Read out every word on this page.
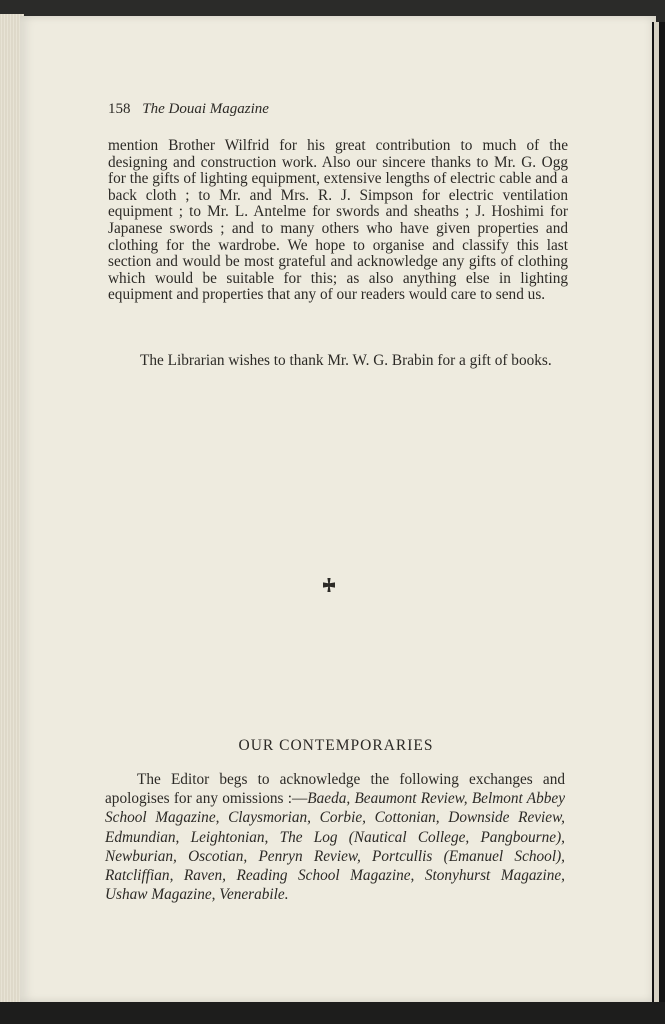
158 The Douai Magazine

mention Brother Wilfrid for his great contribution to much of the designing and construction work. Also our sincere thanks to Mr. G. Ogg for the gifts of lighting equipment, extensive lengths of electric cable and a back cloth ; to Mr. and Mrs. R. J. Simpson for electric ventilation equipment ; to Mr. L. Antelme for swords and sheaths ; J. Hoshimi for Japanese swords ; and to many others who have given properties and clothing for the wardrobe. We hope to organise and classify this last section and would be most grateful and acknowledge any gifts of clothing which would be suitable for this; as also anything else in lighting equipment and properties that any of our readers would care to send us.

The Librarian wishes to thank Mr. W. G. Brabin for a gift of books.

OUR CONTEMPORARIES

The Editor begs to acknowledge the following exchanges and apologises for any omissions :—Baeda, Beaumont Review, Belmont Abbey School Magazine, Claysmorian, Corbie, Cottonian, Downside Review, Edmundian, Leightonian, The Log (Nautical College, Pangbourne), Newburian, Oscotian, Penryn Review, Portcullis (Emanuel School), Ratcliffian, Raven, Reading School Magazine, Stonyhurst Magazine, Ushaw Magazine, Venerabile.
